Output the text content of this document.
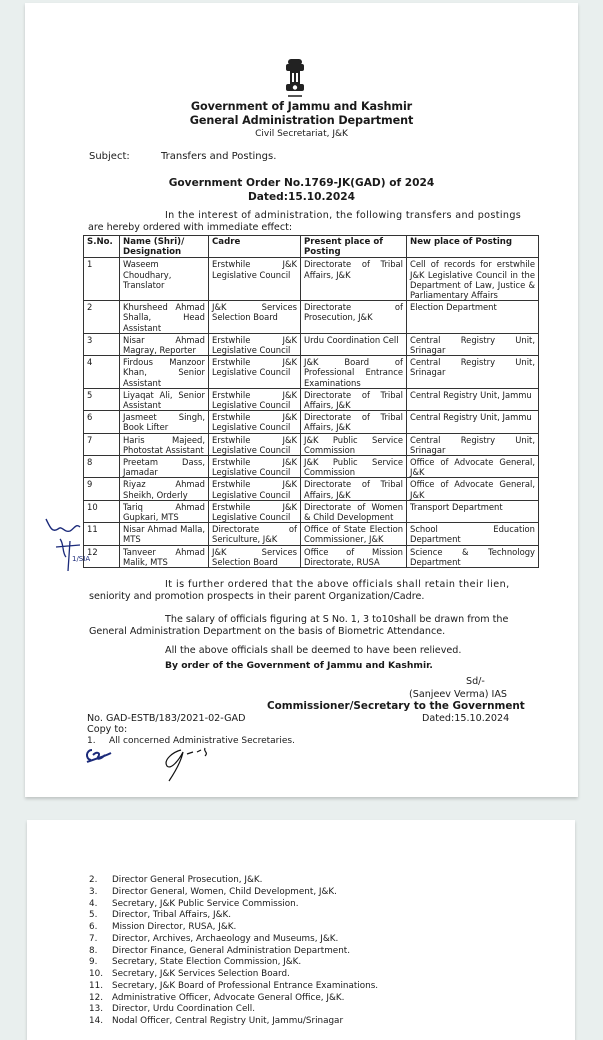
Government of Jammu and Kashmir
General Administration Department
Civil Secretariat, J&K
Subject:	Transfers and Postings.
Government Order No.1769-JK(GAD) of 2024
Dated:15.10.2024
In the interest of administration, the following transfers and postings
are hereby ordered with immediate effect:
S.No.	Name (Shri)/ Designation	Cadre	Present place of Posting	New place of Posting
1	Waseem Choudhary, Translator	Erstwhile J&K Legislative Council	Directorate of Tribal Affairs, J&K	Cell of records for erstwhile J&K Legislative Council in the Department of Law, Justice & Parliamentary Affairs
2	Khursheed Ahmad Shalla, Head Assistant	J&K Services Selection Board	Directorate of Prosecution, J&K	Election Department
3	Nisar Ahmad Magray, Reporter	Erstwhile J&K Legislative Council	Urdu Coordination Cell	Central Registry Unit, Srinagar
4	Firdous Manzoor Khan, Senior Assistant	Erstwhile J&K Legislative Council	J&K Board of Professional Entrance Examinations	Central Registry Unit, Srinagar
5	Liyaqat Ali, Senior Assistant	Erstwhile J&K Legislative Council	Directorate of Tribal Affairs, J&K	Central Registry Unit, Jammu
6	Jasmeet Singh, Book Lifter	Erstwhile J&K Legislative Council	Directorate of Tribal Affairs, J&K	Central Registry Unit, Jammu
7	Haris Majeed, Photostat Assistant	Erstwhile J&K Legislative Council	J&K Public Service Commission	Central Registry Unit, Srinagar
8	Preetam Dass, Jamadar	Erstwhile J&K Legislative Council	J&K Public Service Commission	Office of Advocate General, J&K
9	Riyaz Ahmad Sheikh, Orderly	Erstwhile J&K Legislative Council	Directorate of Tribal Affairs, J&K	Office of Advocate General, J&K
10	Tariq Ahmad Gupkari, MTS	Erstwhile J&K Legislative Council	Directorate of Women & Child Development	Transport Department
11	Nisar Ahmad Malla, MTS	Directorate of Sericulture, J&K	Office of State Election Commissioner, J&K	School Education Department
12	Tanveer Ahmad Malik, MTS	J&K Services Selection Board	Office of Mission Directorate, RUSA	Science & Technology Department
1/SIA
It is further ordered that the above officials shall retain their lien,
seniority and promotion prospects in their parent Organization/Cadre.
The salary of officials figuring at S No. 1, 3 to10shall be drawn from the
General Administration Department on the basis of Biometric Attendance.
All the above officials shall be deemed to have been relieved.
By order of the Government of Jammu and Kashmir.
Sd/-
(Sanjeev Verma) IAS
Commissioner/Secretary to the Government
Dated:15.10.2024
No. GAD-ESTB/183/2021-02-GAD
Copy to:
1. All concerned Administrative Secretaries.
2. Director General Prosecution, J&K.
3. Director General, Women, Child Development, J&K.
4. Secretary, J&K Public Service Commission.
5. Director, Tribal Affairs, J&K.
6. Mission Director, RUSA, J&K.
7. Director, Archives, Archaeology and Museums, J&K.
8. Director Finance, General Administration Department.
9. Secretary, State Election Commission, J&K.
10. Secretary, J&K Services Selection Board.
11. Secretary, J&K Board of Professional Entrance Examinations.
12. Administrative Officer, Advocate General Office, J&K.
13. Director, Urdu Coordination Cell.
14. Nodal Officer, Central Registry Unit, Jammu/Srinagar
